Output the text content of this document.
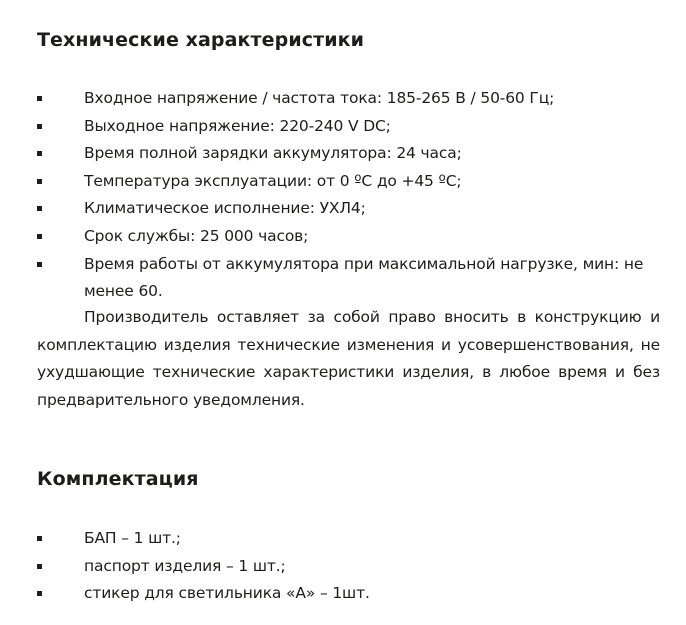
Технические характеристики
Входное напряжение / частота тока: 185-265 В / 50-60 Гц;
Выходное напряжение: 220-240 V DC;
Время полной зарядки аккумулятора: 24 часа;
Температура эксплуатации: от 0 ºС до +45 ºС;
Климатическое исполнение: УХЛ4;
Срок службы: 25 000 часов;
Время работы от аккумулятора при максимальной нагрузке, мин: не менее 60.

Производитель оставляет за собой право вносить в конструкцию и комплектацию изделия технические изменения и усовершенствования, не ухудшающие технические характеристики изделия, в любое время и без предварительного уведомления.

Комплектация
БАП – 1 шт.;
паспорт изделия – 1 шт.;
стикер для светильника «А» – 1шт.
